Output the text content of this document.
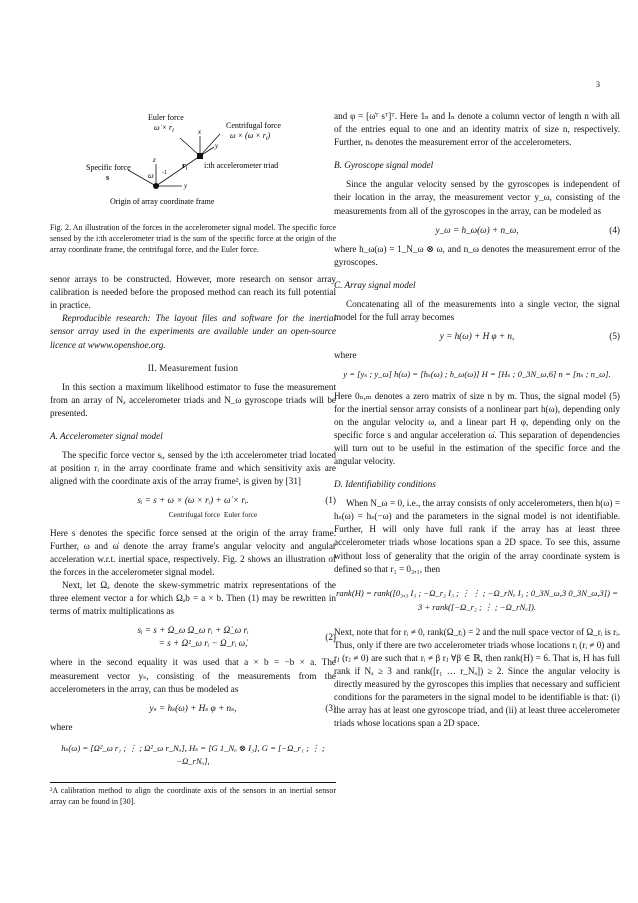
3
Euler force
ω̇ × $r_i$
Centrifugal force
$\omega \times (\omega \times r_i)$
x
y
i:th accelerometer triad
$r_i$
z
ω -1
y
Specific force
s
Origin of array coordinate frame

Fig. 2. An illustration of the forces in the accelerometer signal model. The specific force sensed by the i:th accelerometer triad is the sum of the specific force at the origin of the array coordinate frame, the centrifugal force, and the Euler force.

senor arrays to be constructed. However, more research on sensor array calibration is needed before the proposed method can reach its full potential in practice.

Reproducible research: The layout files and software for the inertial sensor array used in the experiments are available under an open-source licence at wwww.openshoe.org.

II. Measurement fusion

In this section a maximum likelihood estimator to fuse the measurement from an array of Nₐ accelerometer triads and N_ω gyroscope triads will be presented.

A. Accelerometer signal model

The specific force vector sᵢ, sensed by the i:th accelerometer triad located at position rᵢ in the array coordinate frame and which sensitivity axis are aligned with the coordinate axis of the array frame², is given by [31]

sᵢ = s + ω × (ω × rᵢ) + ω̇ × rᵢ.	(1)
Centrifugal force Euler force

Here s denotes the specific force sensed at the origin of the array frame. Further, ω and ω̇ denote the array frame's angular velocity and angular acceleration w.r.t. inertial space, respectively. Fig. 2 shows an illustration of the forces in the accelerometer signal model.

Next, let Ωₐ denote the skew-symmetric matrix representations of the three element vector a for which Ωₐb = a × b. Then (1) may be rewritten in terms of matrix multiplications as

sᵢ = s + Ω_ω Ω_ω rᵢ + Ω̇_ω rᵢ
= s + Ω²_ω rᵢ − Ω_rᵢ ω̇,
(2)

where in the second equality it was used that a × b = −b × a. The measurement vector yₛ, consisting of the measurements from the accelerometers in the array, can thus be modeled as

yₛ = hₛ(ω) + Hₛ φ + nₛ,	(3)

where

hₛ(ω) = [Ω²_ω r₁ ; ⋮ ; Ω²_ω r_Nₐ], Hₛ = [G 1_Nₐ ⊗ I₃], G = [−Ω_r₁ ; ⋮ ; −Ω_rNₐ],
²A calibration method to align the coordinate axis of the sensors in an inertial sensor array can be found in [30].

and φ = [ω̇ᵀ sᵀ]ᵀ. Here 1ₙ and Iₙ denote a column vector of length n with all of the entries equal to one and an identity matrix of size n, respectively. Further, nₛ denotes the measurement error of the accelerometers.

B. Gyroscope signal model

Since the angular velocity sensed by the gyroscopes is independent of their location in the array, the measurement vector y_ω, consisting of the measurements from all of the gyroscopes in the array, can be modeled as

y_ω = h_ω(ω) + n_ω,	(4)

where h_ω(ω) = 1_N_ω ⊗ ω, and n_ω denotes the measurement error of the gyroscopes.

C. Array signal model

Concatenating all of the measurements into a single vector, the signal model for the full array becomes

y = h(ω) + H φ + n,	(5)

where

y = [yₛ ; y_ω] h(ω) = [hₛ(ω) ; h_ω(ω)] H = [Hₛ ; 0_3N_ω,6] n = [nₛ ; n_ω].

Here 0ₙ,ₘ denotes a zero matrix of size n by m. Thus, the signal model (5) for the inertial sensor array consists of a nonlinear part h(ω), depending only on the angular velocity ω, and a linear part H φ, depending only on the specific force s and angular acceleration ω̇. This separation of dependencies will turn out to be useful in the estimation of the specific force and the angular velocity.

D. Identifiability conditions

When N_ω = 0, i.e., the array consists of only accelerometers, then h(ω) = hₛ(ω) = hₛ(−ω) and the parameters in the signal model is not identifiable. Further, H will only have full rank if the array has at least three accelerometer triads whose locations span a 2D space. To see this, assume without loss of generality that the origin of the array coordinate system is defined so that r₁ = 0₃,₁, then

rank(H) = rank([0₃,₃ I₃ ; −Ω_r₂ I₃ ; ⋮ ⋮ ; −Ω_rNₐ I₃ ; 0_3N_ω,3 0_3N_ω,3]) = 3 + rank([−Ω_r₂ ; ⋮ ; −Ω_rNₐ]).

Next, note that for rᵢ ≠ 0, rank(Ω_rᵢ) = 2 and the null space vector of Ω_rᵢ is rᵢ. Thus, only if there are two accelerometer triads whose locations rᵢ (rᵢ ≠ 0) and rⱼ (rⱼ ≠ 0) are such that rᵢ ≠ β rⱼ ∀β ∈ ℝ, then rank(H) = 6. That is, H has full rank if Nₐ ≥ 3 and rank([r₁ … r_Nₐ]) ≥ 2. Since the angular velocity is directly measured by the gyroscopes this implies that necessary and sufficient conditions for the parameters in the signal model to be identifiable is that: (i) the array has at least one gyroscope triad, and (ii) at least three accelerometer triads whose locations span a 2D space.
